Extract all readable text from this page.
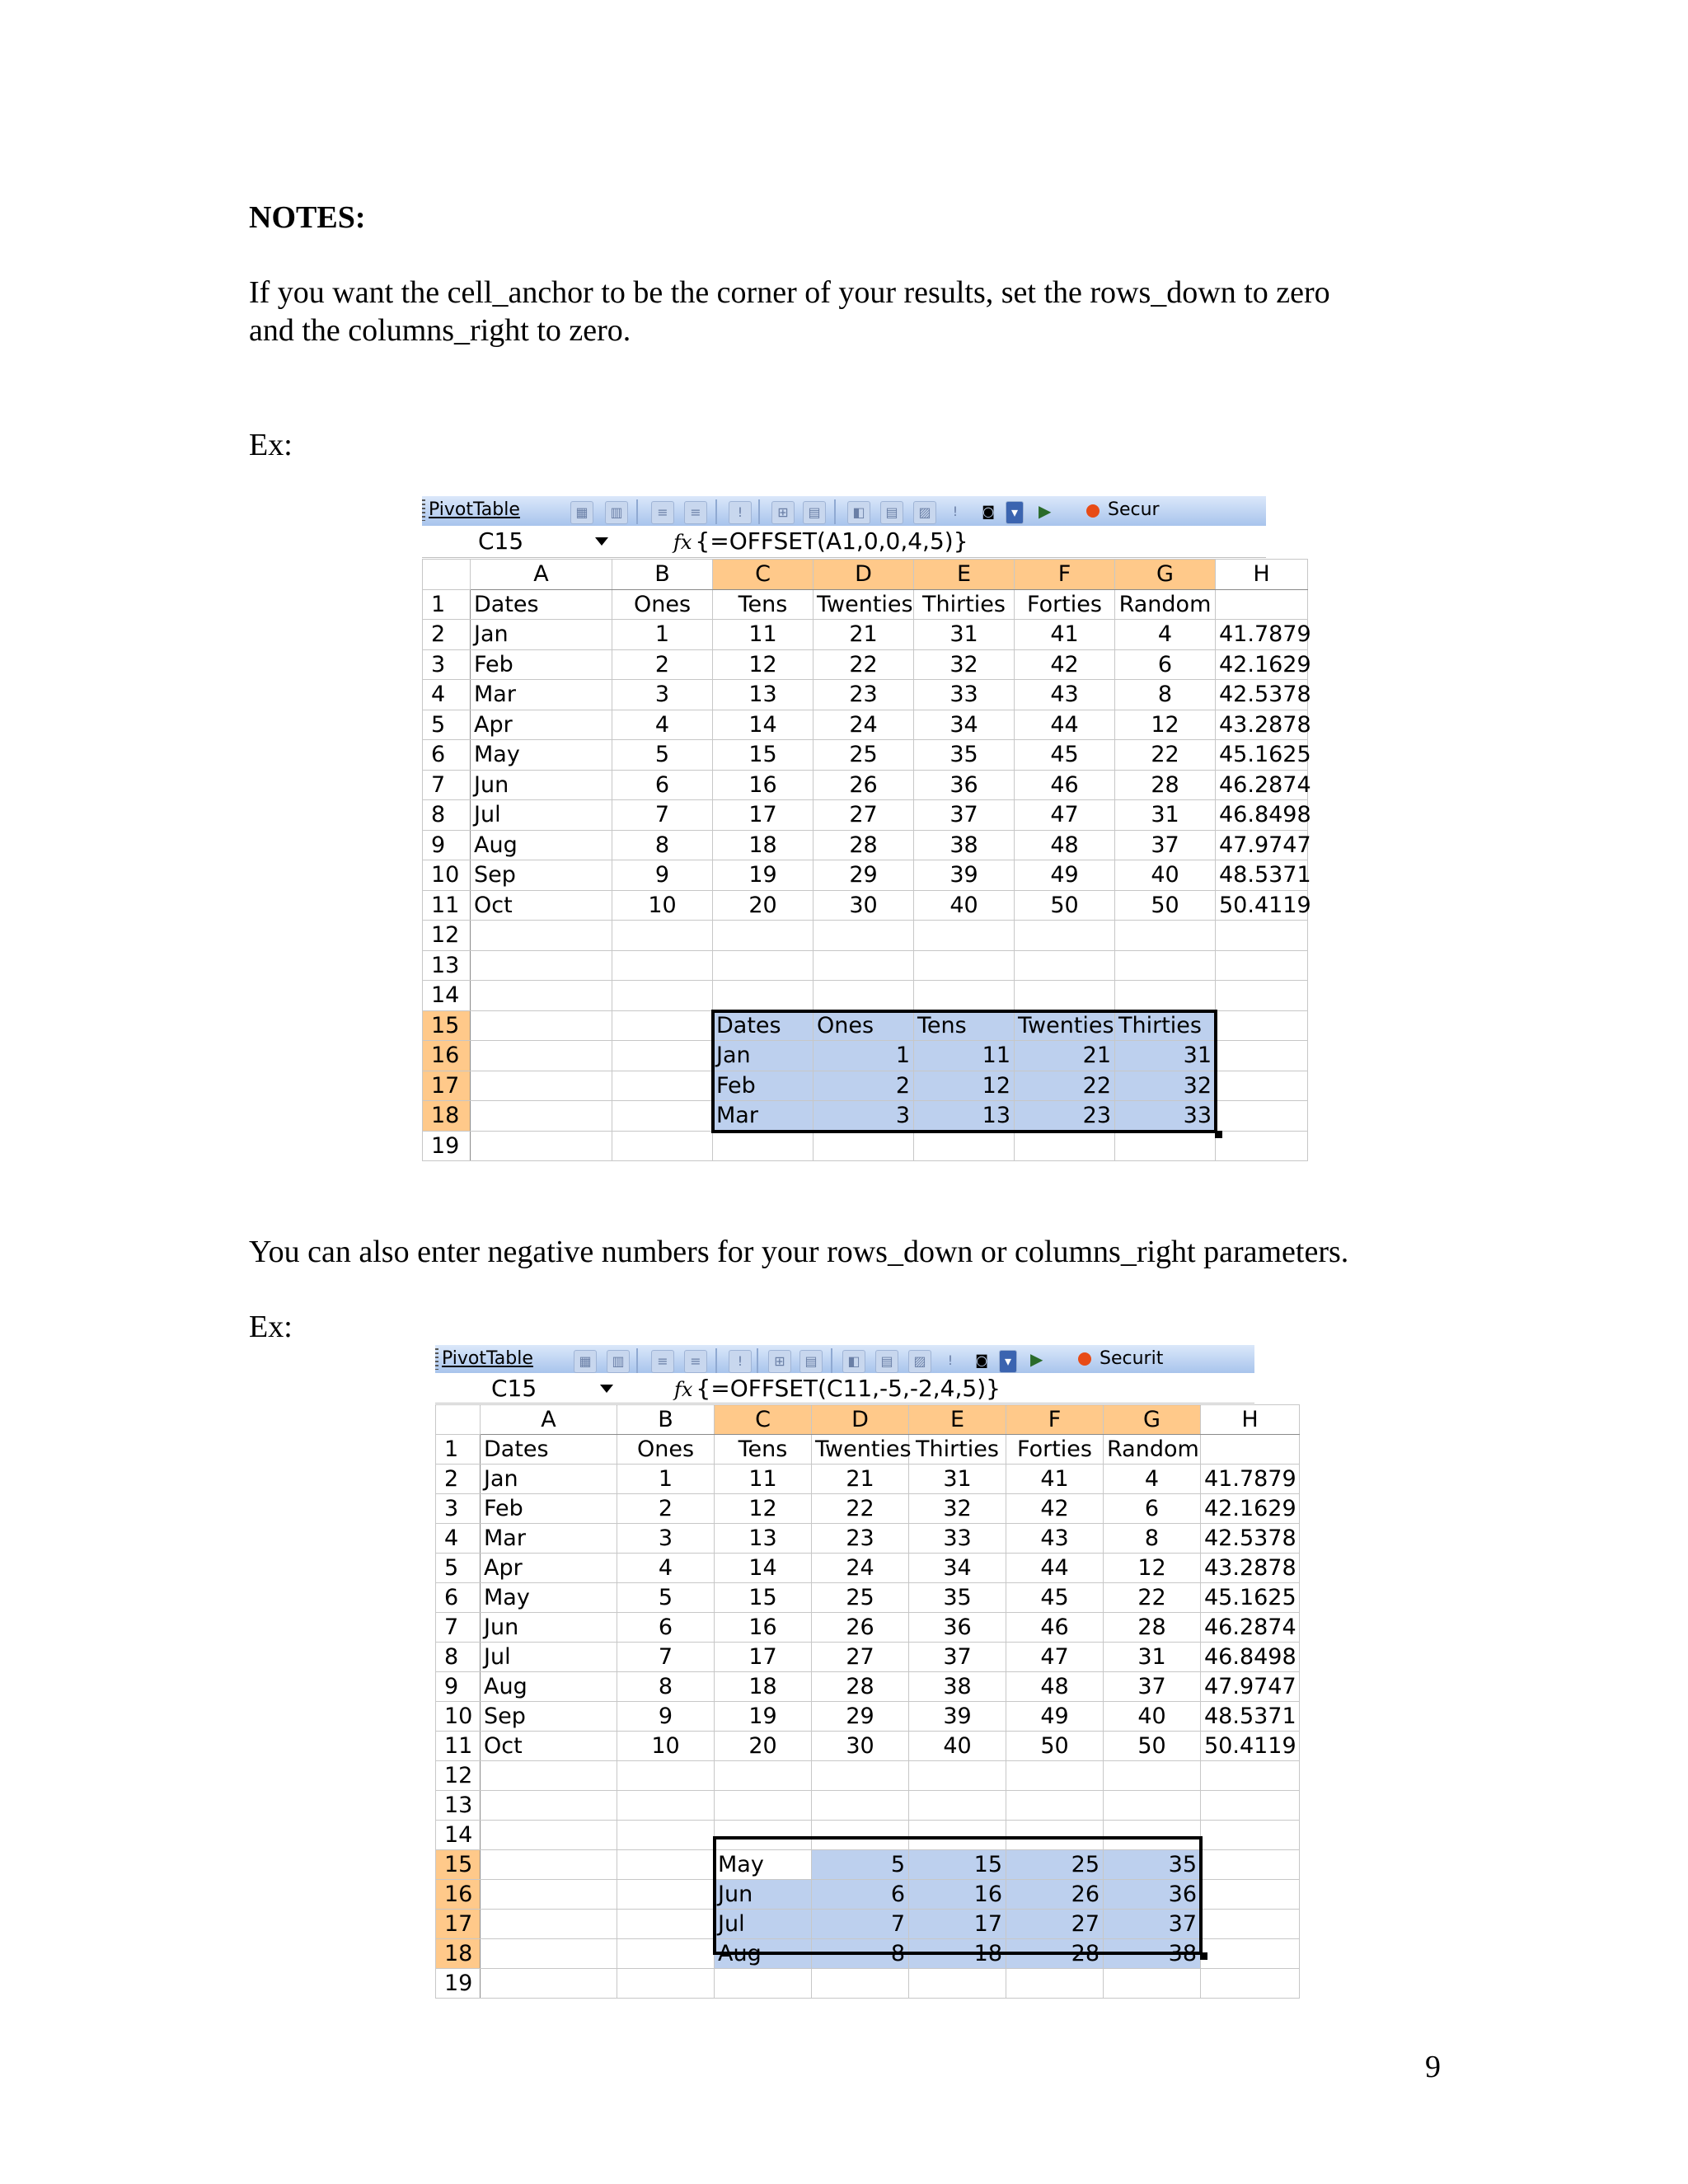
NOTES:
If you want the cell_anchor to be the corner of your results, set the rows_down to zero
and the columns_right to zero.
Ex:
PivotTable	▦	▥	≡	≡	!	⊞	▤	◧	▤	▨	!	◙	▾	▶	Secur
C15	fx {=OFFSET(A1,0,0,4,5)}
	A	B	C	D	E	F	G	H
1	Dates	Ones	Tens	Twenties	Thirties	Forties	Random	
2	Jan	1	11	21	31	41	4	41.7879
3	Feb	2	12	22	32	42	6	42.1629
4	Mar	3	13	23	33	43	8	42.5378
5	Apr	4	14	24	34	44	12	43.2878
6	May	5	15	25	35	45	22	45.1625
7	Jun	6	16	26	36	46	28	46.2874
8	Jul	7	17	27	37	47	31	46.8498
9	Aug	8	18	28	38	48	37	47.9747
10	Sep	9	19	29	39	49	40	48.5371
11	Oct	10	20	30	40	50	50	50.4119
12								
13								
14								
15			Dates	Ones	Tens	Twenties	Thirties	
16			Jan	1	11	21	31	
17			Feb	2	12	22	32	
18			Mar	3	13	23	33	
19								
You can also enter negative numbers for your rows_down or columns_right parameters.
Ex:
PivotTable	▦	▥	≡	≡	!	⊞	▤	◧	▤	▨	!	◙	▾	▶	Securit
C15	fx {=OFFSET(C11,-5,-2,4,5)}
	A	B	C	D	E	F	G	H
1	Dates	Ones	Tens	Twenties	Thirties	Forties	Random	
2	Jan	1	11	21	31	41	4	41.7879
3	Feb	2	12	22	32	42	6	42.1629
4	Mar	3	13	23	33	43	8	42.5378
5	Apr	4	14	24	34	44	12	43.2878
6	May	5	15	25	35	45	22	45.1625
7	Jun	6	16	26	36	46	28	46.2874
8	Jul	7	17	27	37	47	31	46.8498
9	Aug	8	18	28	38	48	37	47.9747
10	Sep	9	19	29	39	49	40	48.5371
11	Oct	10	20	30	40	50	50	50.4119
12								
13								
14								
15			May	5	15	25	35	
16			Jun	6	16	26	36	
17			Jul	7	17	27	37	
18			Aug	8	18	28	38	
19								
9
